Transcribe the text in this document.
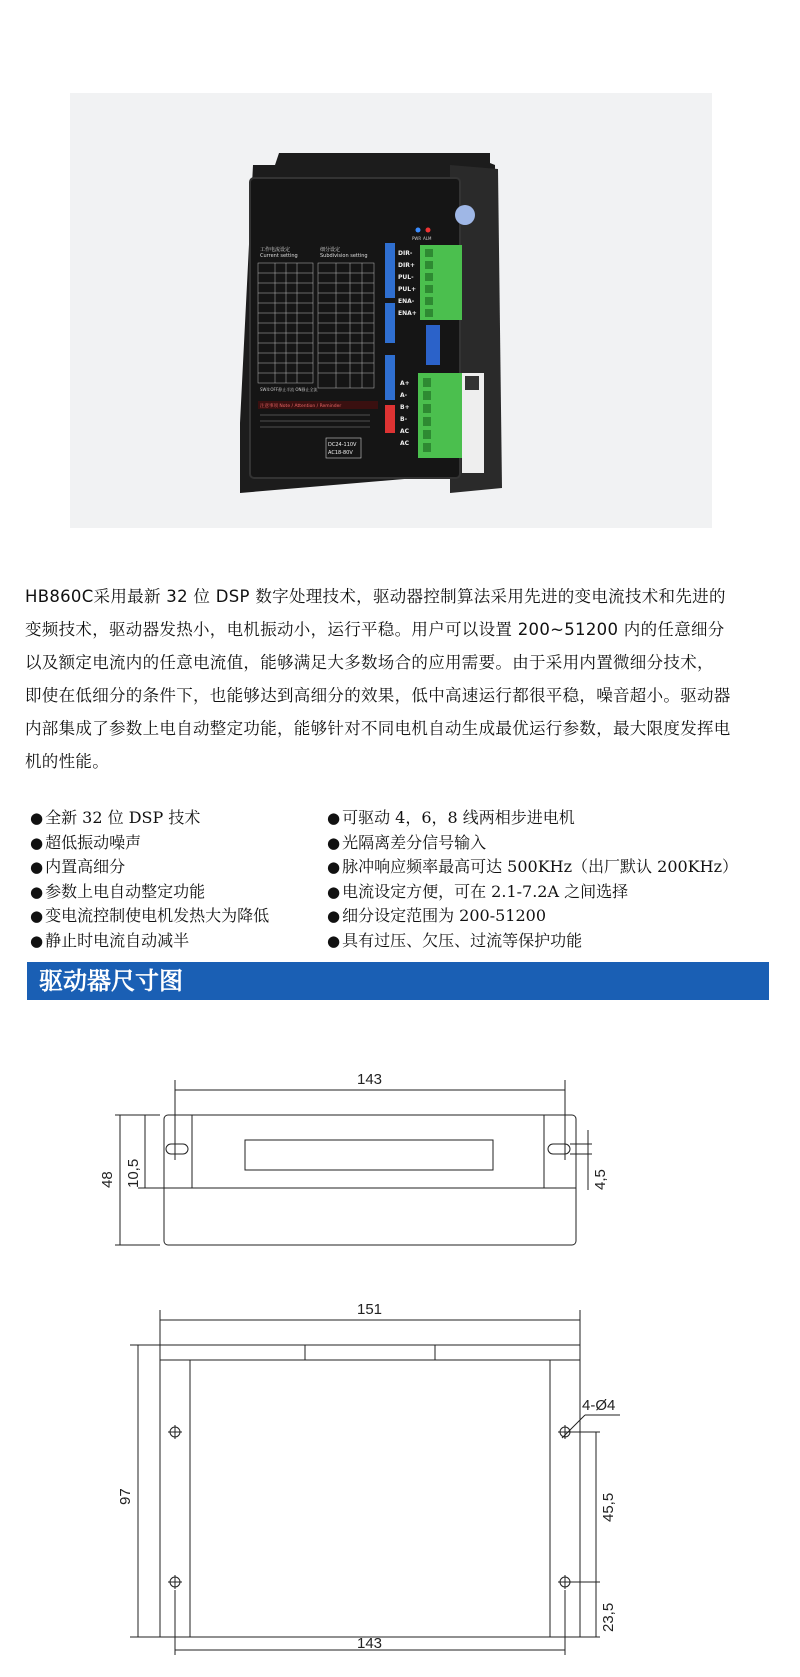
工作电流设定
Current setting
SW4:OFF静止半流 ON静止全流
细分设定
Subdivision setting
注意事项 Note / Attention / Reminder
DC24-110V
AC18-80V
PWR ALM
DIR-
DIR+
PUL-
PUL+
ENA-
ENA+
A+
A-
B+
B-
AC
AC

HB860C采用最新 32 位 DSP 数字处理技术，驱动器控制算法采用先进的变电流技术和先进的

变频技术，驱动器发热小，电机振动小，运行平稳。用户可以设置 200~51200 内的任意细分

以及额定电流内的任意电流值，能够满足大多数场合的应用需要。由于采用内置微细分技术，

即使在低细分的条件下，也能够达到高细分的效果，低中高速运行都很平稳，噪音超小。驱动器

内部集成了参数上电自动整定功能，能够针对不同电机自动生成最优运行参数，最大限度发挥电

机的性能。

● 全新 32 位 DSP 技术	● 可驱动 4，6，8 线两相步进电机
● 超低振动噪声	● 光隔离差分信号输入
● 内置高细分	● 脉冲响应频率最高可达 500KHz（出厂默认 200KHz）
● 参数上电自动整定功能	● 电流设定方便，可在 2.1-7.2A 之间选择
● 变电流控制使电机发热大为降低	● 细分设定范围为 200-51200
● 静止时电流自动减半	● 具有过压、欠压、过流等保护功能
驱动器尺寸图
143
48 10,5	4,5
151
4-Ø4
97	45,5
23,5
143
